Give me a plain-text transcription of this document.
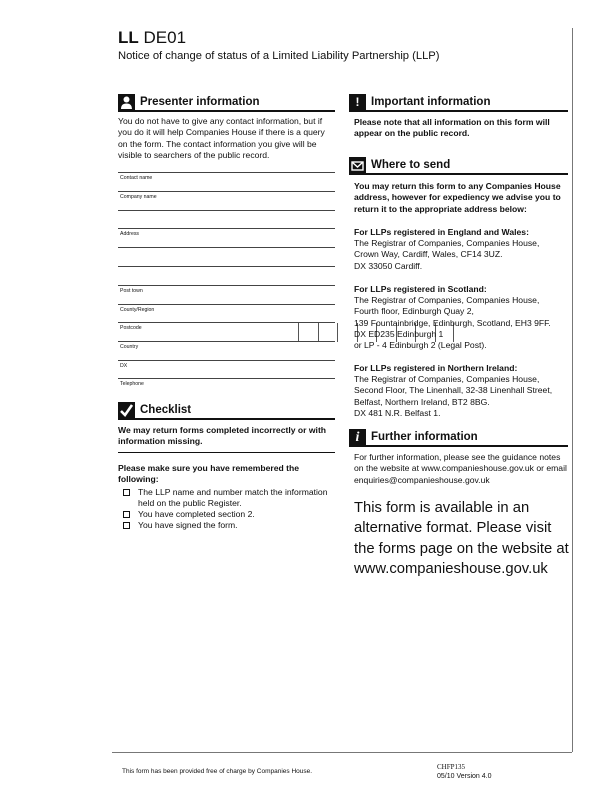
LL DE01
Notice of change of status of a Limited Liability Partnership (LLP)
Presenter information
You do not have to give any contact information, but if you do it will help Companies House if there is a query on the form. The contact information you give will be visible to searchers of the public record.
Contact name
Company name
Address
Post town
County/Region
Postcode
Country
DX
Telephone
Checklist
We may return forms completed incorrectly or with information missing.
Please make sure you have remembered the following:
The LLP name and number match the information held on the public Register.
You have completed section 2.
You have signed the form.
!	Important information
Please note that all information on this form will appear on the public record.
Where to send
You may return this form to any Companies House address, however for expediency we advise you to return it to the appropriate address below:
For LLPs registered in England and Wales:
The Registrar of Companies, Companies House,
Crown Way, Cardiff, Wales, CF14 3UZ.
DX 33050 Cardiff.
For LLPs registered in Scotland:
The Registrar of Companies, Companies House,
Fourth floor, Edinburgh Quay 2,
139 Fountainbridge, Edinburgh, Scotland, EH3 9FF.
DX ED235 Edinburgh 1
or LP - 4 Edinburgh 2 (Legal Post).
For LLPs registered in Northern Ireland:
The Registrar of Companies, Companies House,
Second Floor, The Linenhall, 32-38 Linenhall Street,
Belfast, Northern Ireland, BT2 8BG.
DX 481 N.R. Belfast 1.
i	Further information
For further information, please see the guidance notes on the website at www.companieshouse.gov.uk or email enquiries@companieshouse.gov.uk
This form is available in an alternative format. Please visit the forms page on the website at www.companieshouse.gov.uk
This form has been provided free of charge by Companies House.
CHFP135
05/10 Version 4.0
